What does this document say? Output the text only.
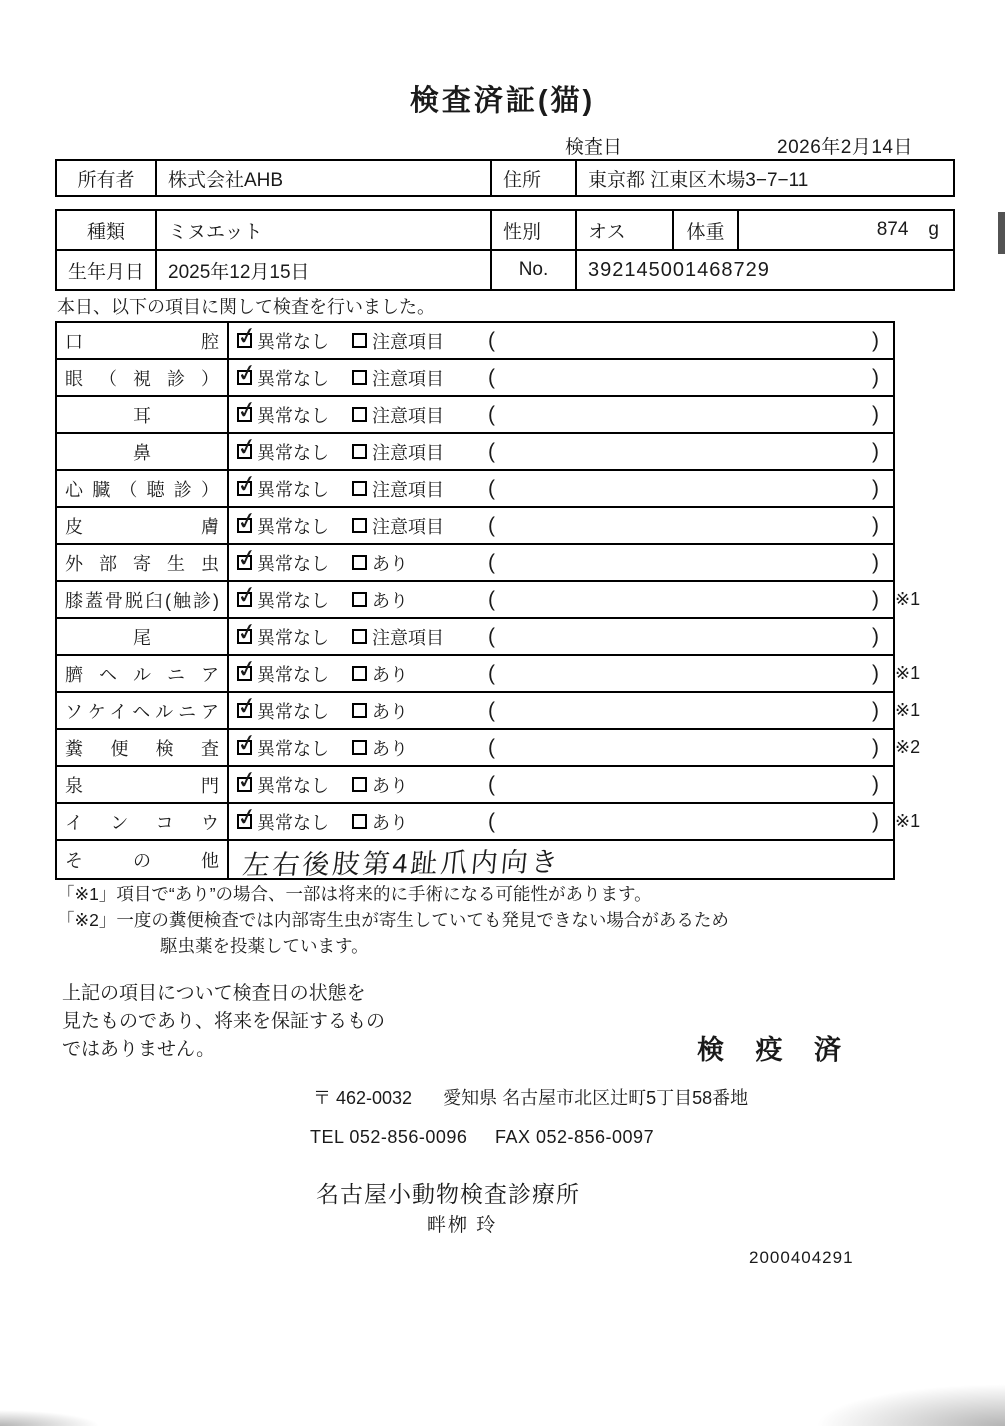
検査済証(猫)
検査日	2026年2月14日
所有者	株式会社AHB	住所	東京都 江東区木場3−7−11
種類	ミヌエット	性別	オス	体重	874 g
生年月日	2025年12月15日	No.	392145001468729
本日、以下の項目に関して検査を行いました。
口腔 ✓ 異常なし 注意項目 (	)
眼（視診） ✓ 異常なし 注意項目 (	)
耳 ✓	異常なし 注意項目 (	)
鼻 ✓	異常なし 注意項目 (	)
心臓（聴診） ✓ 異常なし 注意項目 (	)
皮膚 ✓ 異常なし 注意項目 (	)
外部寄生虫 ✓ 異常なし あり	(	)
膝蓋骨脱臼(触診) ✓ 異常なし あり	(	) ※1
尾 ✓	異常なし 注意項目 (	)
臍ヘルニア ✓ 異常なし あり	(	) ※1
ソケイヘルニア ✓ 異常なし あり	(	) ※1
糞便検査 ✓ 異常なし あり	(	) ※2
泉門 ✓ 異常なし あり	(	)
インコウ ✓ 異常なし あり	(	) ※1
その他 左右後肢第4趾爪内向き
「※1」項目で“あり”の場合、一部は将来的に手術になる可能性があります。
「※2」一度の糞便検査では内部寄生虫が寄生していても発見できない場合があるため
駆虫薬を投薬しています。
上記の項目について検査日の状態を
見たものであり、将来を保証するもの
ではありません。	検 疫 済
〒 462-0032 愛知県 名古屋市北区辻町5丁目58番地
TEL 052-856-0096 FAX 052-856-0097
名古屋小動物検査診療所
畔栁 玲
2000404291
